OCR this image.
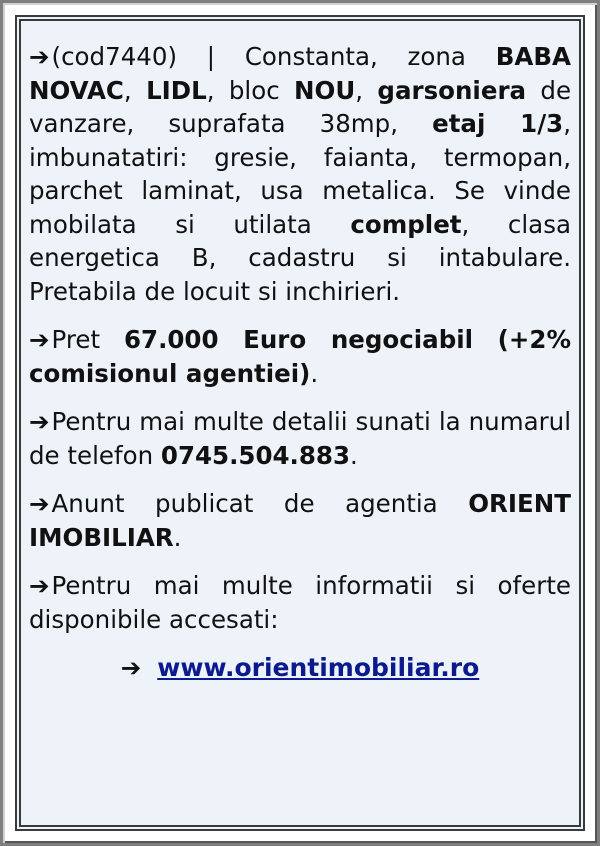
➔(cod7440) | Constanta, zona BABA NOVAC, LIDL, bloc NOU, garsoniera de vanzare, suprafata 38mp, etaj 1/3, imbunatatiri: gresie, faianta, termopan, parchet laminat, usa metalica. Se vinde mobilata si utilata complet, clasa energetica B, cadastru si intabulare. Pretabila de locuit si inchirieri.

➔Pret 67.000 Euro negociabil (+2% comisionul agentiei).

➔Pentru mai multe detalii sunati la numarul de telefon 0745.504.883.

➔Anunt publicat de agentia ORIENT IMOBILIAR.

➔Pentru mai multe informatii si oferte disponibile accesati:

➔ www.orientimobiliar.ro
